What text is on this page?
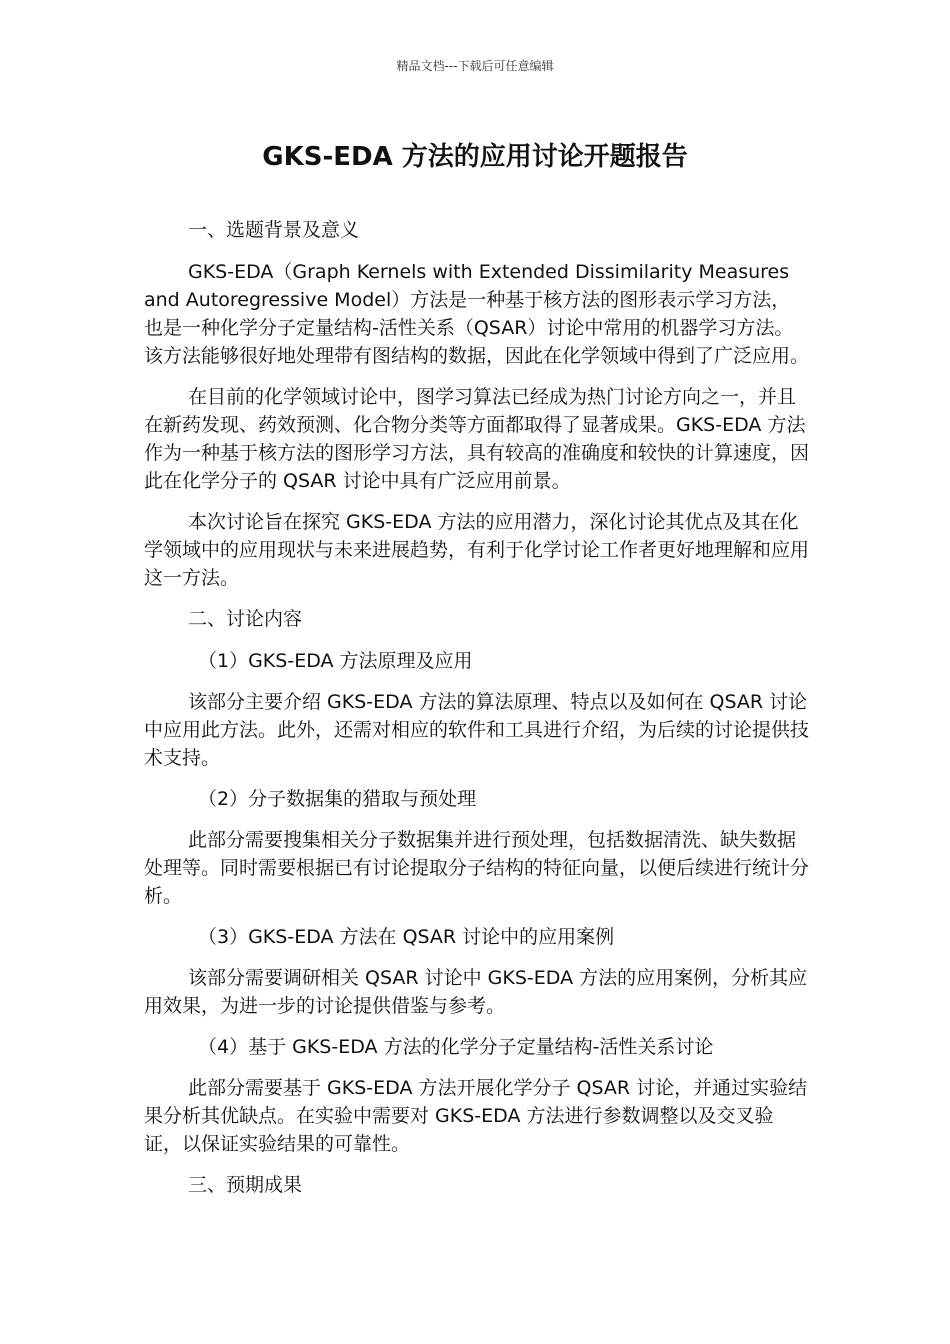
精品文档---下载后可任意编辑
GKS-EDA 方法的应用讨论开题报告

一、选题背景及意义

GKS-EDA（Graph Kernels with Extended Dissimilarity Measures and Autoregressive Model）方法是一种基于核方法的图形表示学习方法，也是一种化学分子定量结构-活性关系（QSAR）讨论中常用的机器学习方法。该方法能够很好地处理带有图结构的数据，因此在化学领域中得到了广泛应用。

在目前的化学领域讨论中，图学习算法已经成为热门讨论方向之一，并且在新药发现、药效预测、化合物分类等方面都取得了显著成果。GKS-EDA 方法作为一种基于核方法的图形学习方法，具有较高的准确度和较快的计算速度，因此在化学分子的 QSAR 讨论中具有广泛应用前景。

本次讨论旨在探究 GKS-EDA 方法的应用潜力，深化讨论其优点及其在化学领域中的应用现状与未来进展趋势，有利于化学讨论工作者更好地理解和应用这一方法。

二、讨论内容

（1）GKS-EDA 方法原理及应用

该部分主要介绍 GKS-EDA 方法的算法原理、特点以及如何在 QSAR 讨论中应用此方法。此外，还需对相应的软件和工具进行介绍，为后续的讨论提供技术支持。

（2）分子数据集的猎取与预处理

此部分需要搜集相关分子数据集并进行预处理，包括数据清洗、缺失数据处理等。同时需要根据已有讨论提取分子结构的特征向量，以便后续进行统计分析。

（3）GKS-EDA 方法在 QSAR 讨论中的应用案例

该部分需要调研相关 QSAR 讨论中 GKS-EDA 方法的应用案例，分析其应用效果，为进一步的讨论提供借鉴与参考。

（4）基于 GKS-EDA 方法的化学分子定量结构-活性关系讨论

此部分需要基于 GKS-EDA 方法开展化学分子 QSAR 讨论，并通过实验结果分析其优缺点。在实验中需要对 GKS-EDA 方法进行参数调整以及交叉验证，以保证实验结果的可靠性。

三、预期成果
